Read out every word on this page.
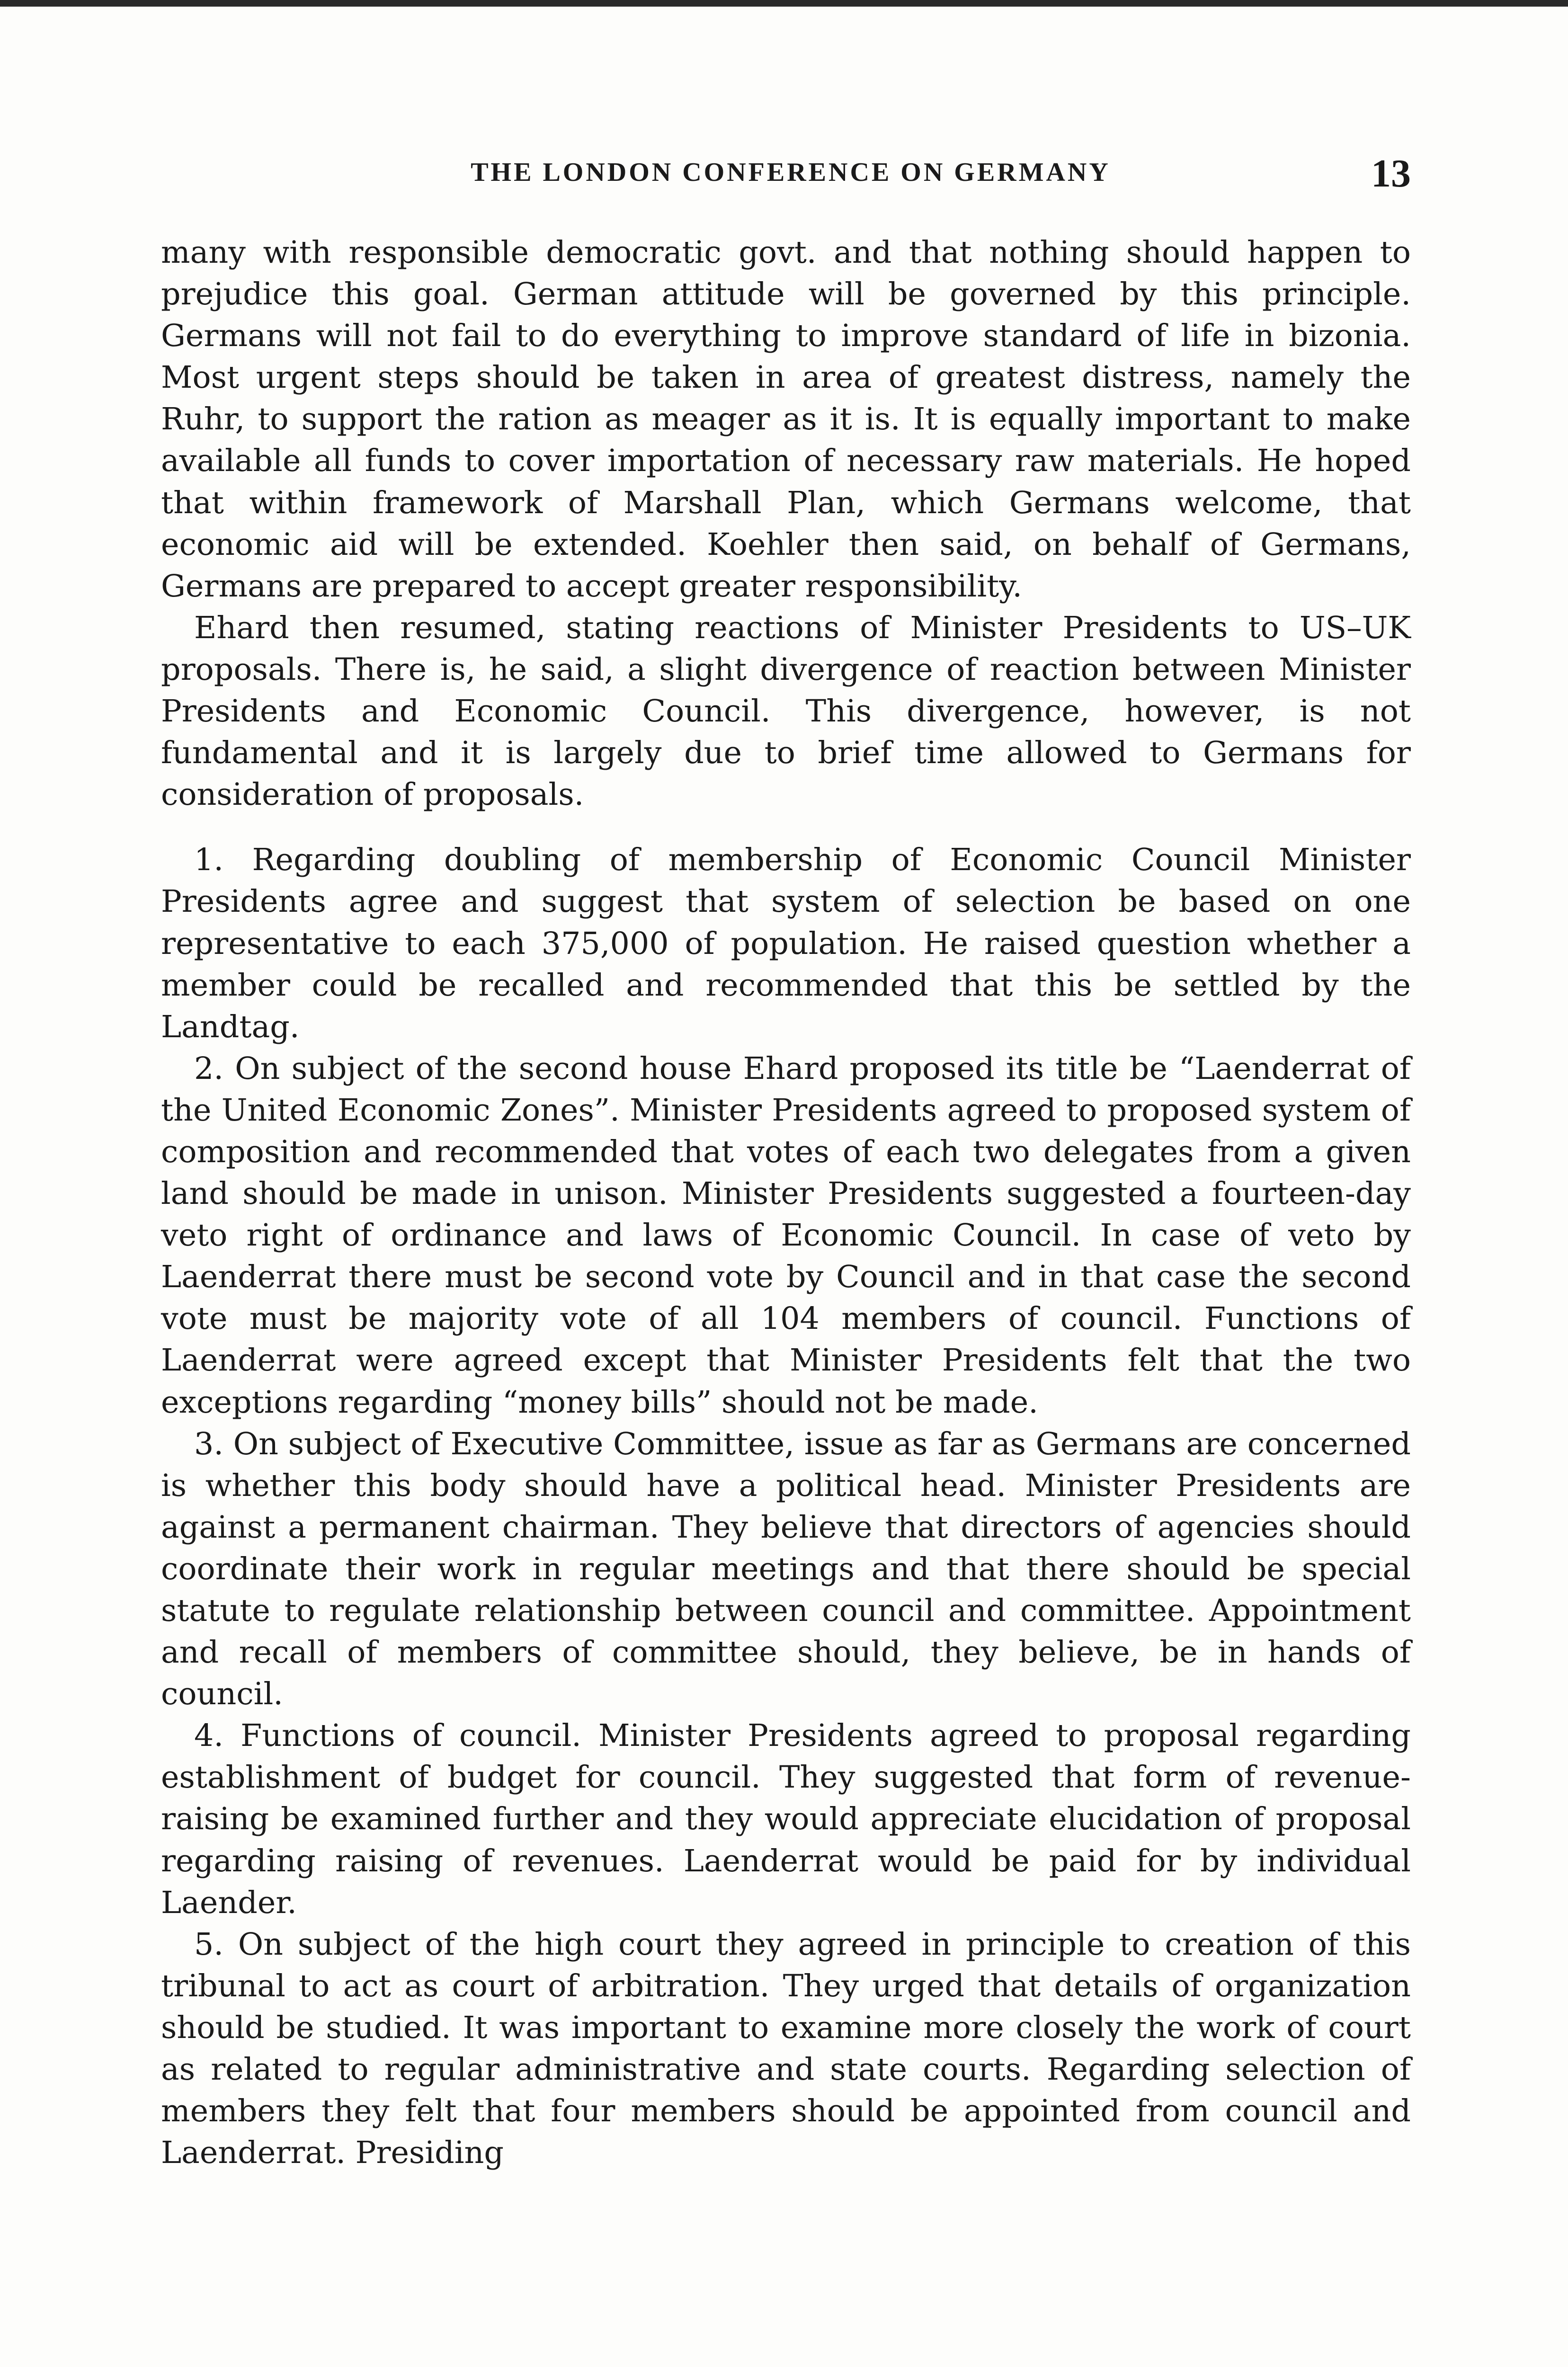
THE LONDON CONFERENCE ON GERMANY	13

many with responsible democratic govt. and that nothing should happen to prejudice this goal. German attitude will be governed by this principle. Germans will not fail to do everything to improve standard of life in bizonia. Most urgent steps should be taken in area of greatest distress, namely the Ruhr, to support the ration as meager as it is. It is equally important to make available all funds to cover importation of necessary raw materials. He hoped that within framework of Marshall Plan, which Germans welcome, that economic aid will be extended. Koehler then said, on behalf of Germans, Germans are prepared to accept greater responsibility.

Ehard then resumed, stating reactions of Minister Presidents to US–UK proposals. There is, he said, a slight divergence of reaction between Minister Presidents and Economic Council. This divergence, however, is not fundamental and it is largely due to brief time allowed to Germans for consideration of proposals.

1. Regarding doubling of membership of Economic Council Minister Presidents agree and suggest that system of selection be based on one representative to each 375,000 of population. He raised question whether a member could be recalled and recommended that this be settled by the Landtag.

2. On subject of the second house Ehard proposed its title be “Laenderrat of the United Economic Zones”. Minister Presidents agreed to proposed system of composition and recommended that votes of each two delegates from a given land should be made in unison. Minister Presidents suggested a fourteen-day veto right of ordinance and laws of Economic Council. In case of veto by Laenderrat there must be second vote by Council and in that case the second vote must be majority vote of all 104 members of council. Functions of Laenderrat were agreed except that Minister Presidents felt that the two exceptions regarding “money bills” should not be made.

3. On subject of Executive Committee, issue as far as Germans are concerned is whether this body should have a political head. Minister Presidents are against a permanent chairman. They believe that directors of agencies should coordinate their work in regular meetings and that there should be special statute to regulate relationship between council and committee. Appointment and recall of members of committee should, they believe, be in hands of council.

4. Functions of council. Minister Presidents agreed to proposal regarding establishment of budget for council. They suggested that form of revenue-raising be examined further and they would appreciate elucidation of proposal regarding raising of revenues. Laenderrat would be paid for by individual Laender.

5. On subject of the high court they agreed in principle to creation of this tribunal to act as court of arbitration. They urged that details of organization should be studied. It was important to examine more closely the work of court as related to regular administrative and state courts. Regarding selection of members they felt that four members should be appointed from council and Laenderrat. Presiding
